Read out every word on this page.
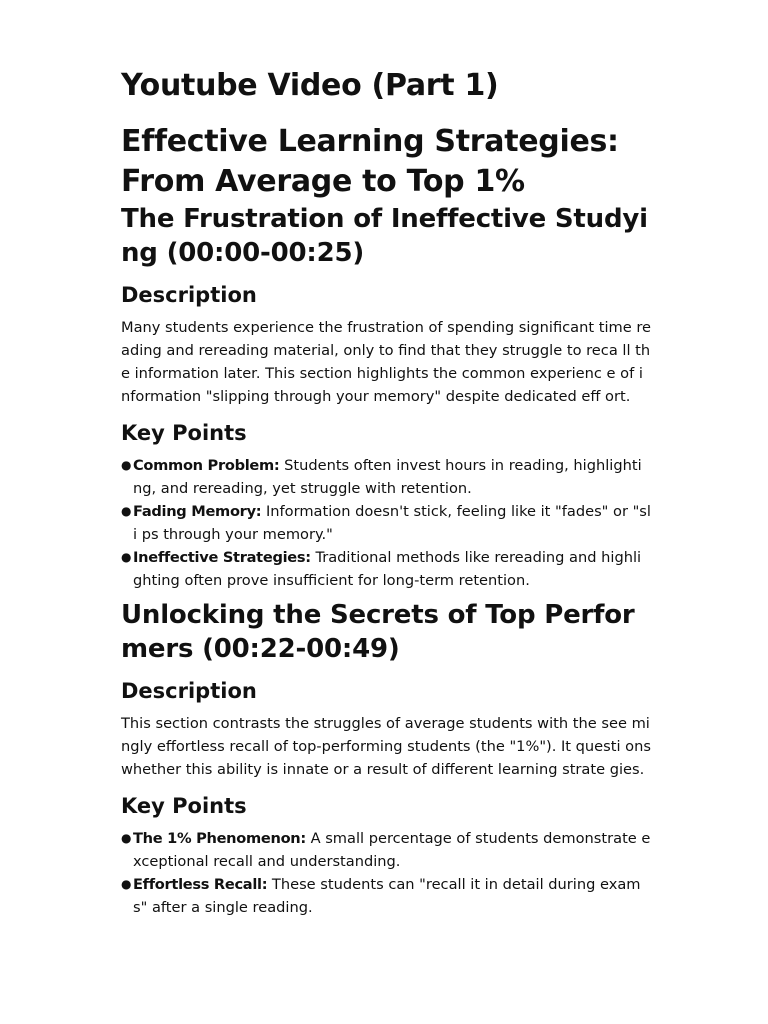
Youtube Video (Part 1)
Effective Learning Strategies: From Average to Top 1%
The Frustration of Ineffective Studyi ng (00:00-00:25)
Description

Many students experience the frustration of spending significant time reading and rereading material, only to find that they struggle to reca ll the information later. This section highlights the common experienc e of information "slipping through your memory" despite dedicated eff ort.

Key Points
● Common Problem: Students often invest hours in reading, highlighti ng, and rereading, yet struggle with retention.
● Fading Memory: Information doesn't stick, feeling like it "fades" or "sli ps through your memory."
● Ineffective Strategies: Traditional methods like rereading and highli ghting often prove insufficient for long-term retention.
Unlocking the Secrets of Top Perfor mers (00:22-00:49)
Description

This section contrasts the struggles of average students with the see mingly effortless recall of top-performing students (the "1%"). It questi ons whether this ability is innate or a result of different learning strate gies.

Key Points
● The 1% Phenomenon: A small percentage of students demonstrate exceptional recall and understanding.
● Effortless Recall: These students can "recall it in detail during exam s" after a single reading.
